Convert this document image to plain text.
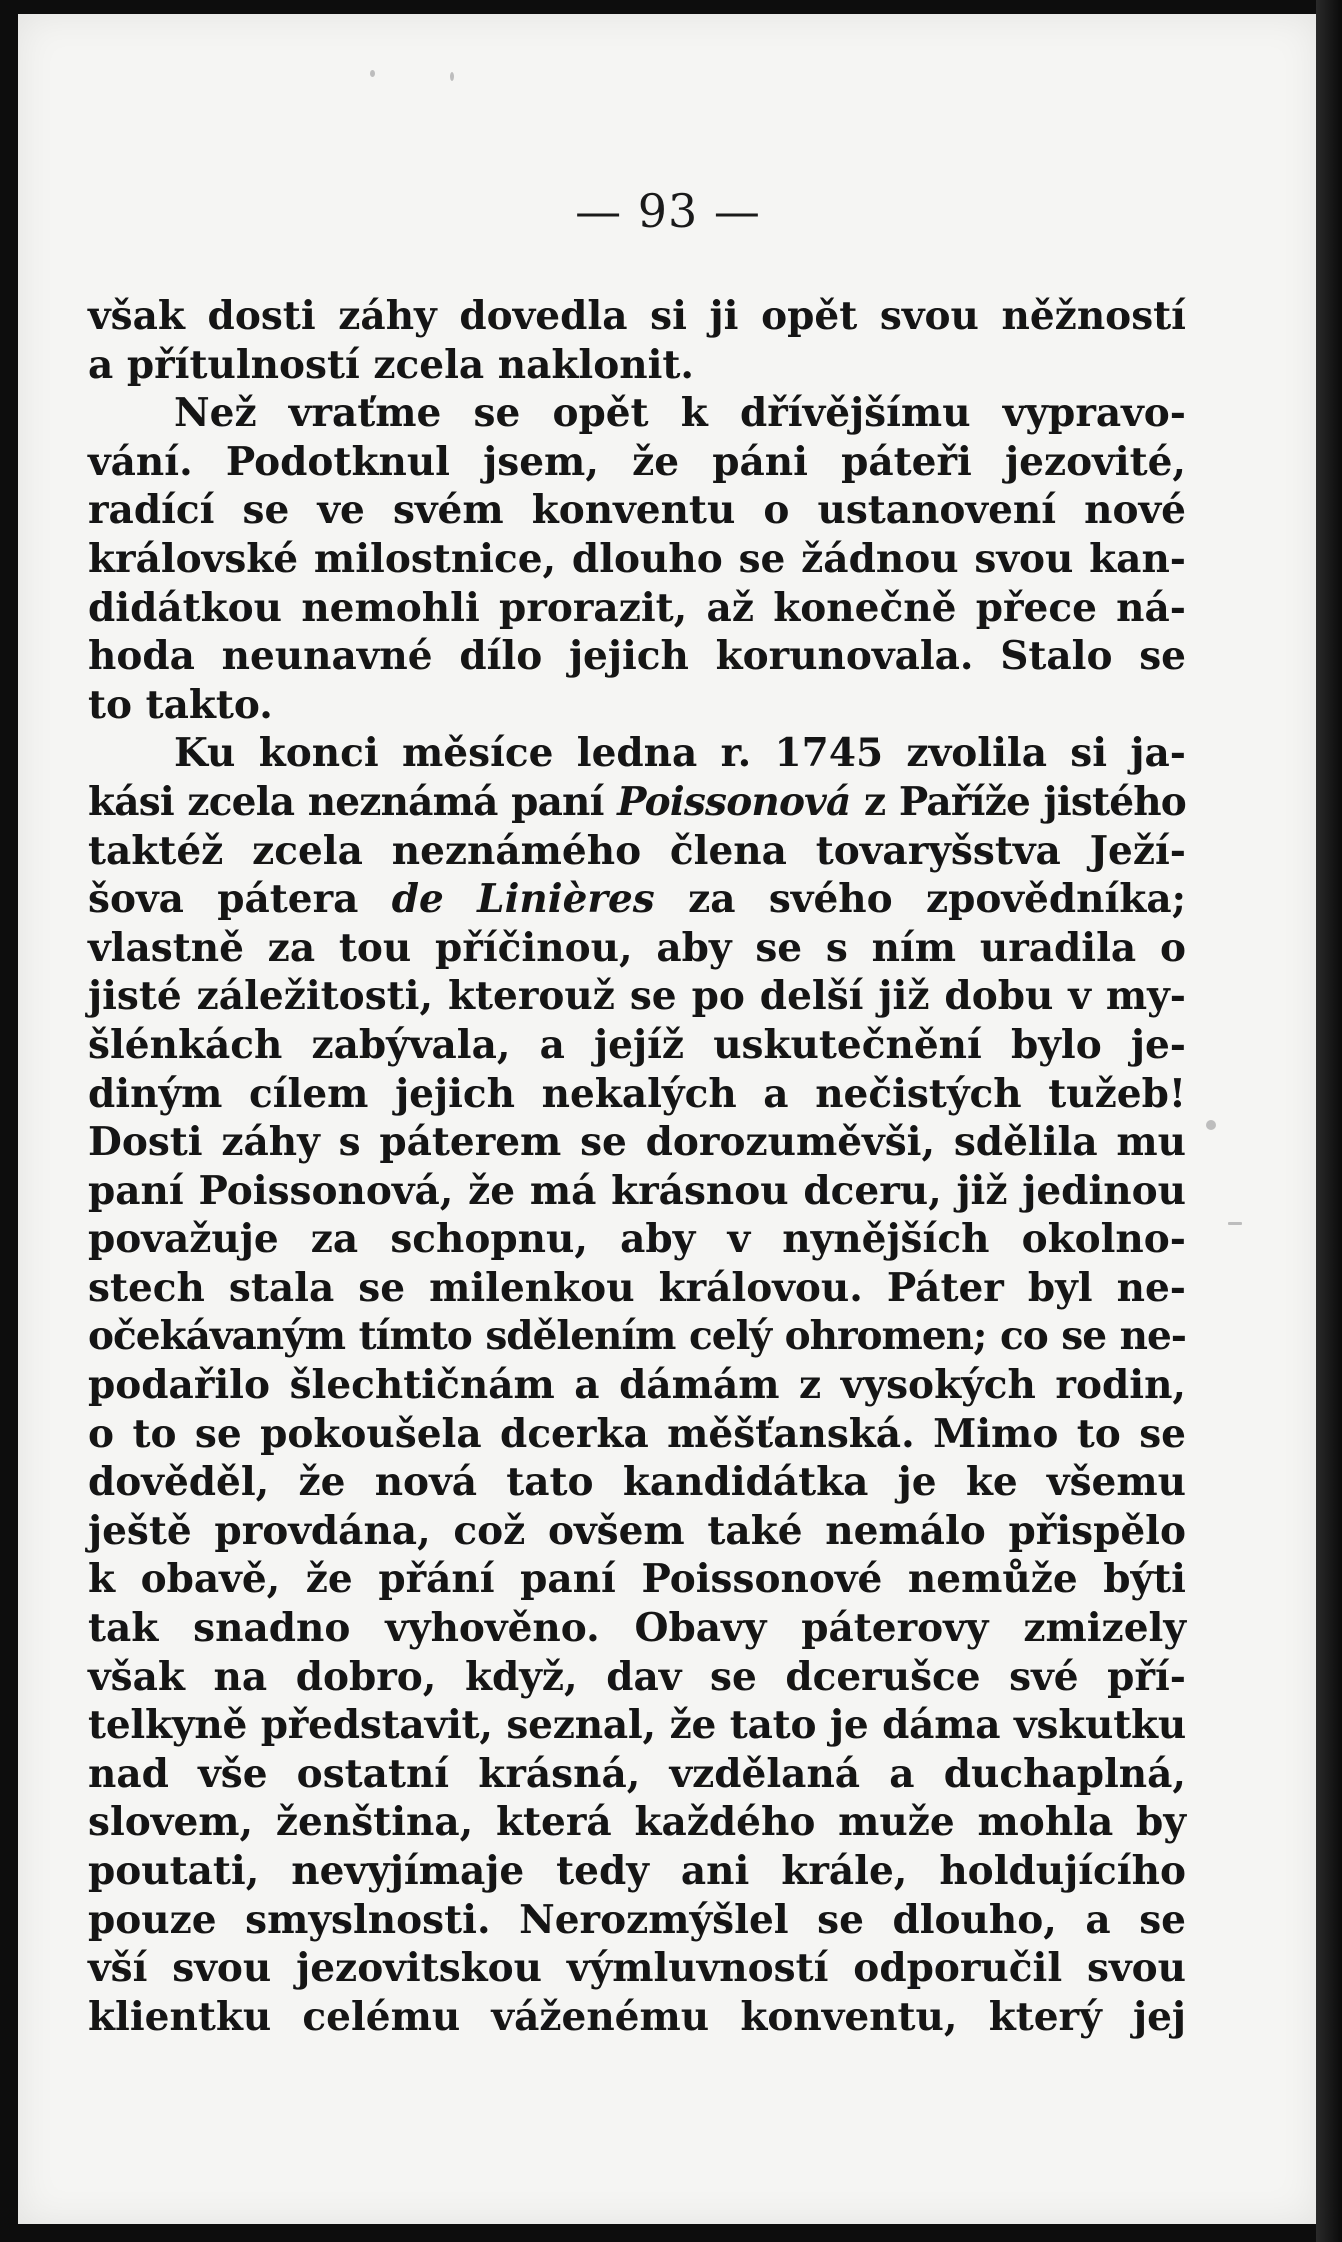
— 93 —
však dosti záhy dovedla si ji opět svou něžností
a přítulností zcela naklonit.
Než vraťme se opět k dřívějšímu vypravo-
vání. Podotknul jsem, že páni páteři jezovité,
radící se ve svém konventu o ustanovení nové
královské milostnice, dlouho se žádnou svou kan-
didátkou nemohli prorazit, až konečně přece ná-
hoda neunavné dílo jejich korunovala. Stalo se
to takto.
Ku konci měsíce ledna r. 1745 zvolila si ja-
kási zcela neznámá paní Poissonová z Paříže jistého
taktéž zcela neznámého člena tovaryšstva Ježí-
šova pátera de Linières za svého zpovědníka;
vlastně za tou příčinou, aby se s ním uradila o
jisté záležitosti, kterouž se po delší již dobu v my-
šlénkách zabývala, a jejíž uskutečnění bylo je-
diným cílem jejich nekalých a nečistých tužeb!
Dosti záhy s páterem se dorozuměvši, sdělila mu
paní Poissonová, že má krásnou dceru, již jedinou
považuje za schopnu, aby v nynějších okolno-
stech stala se milenkou královou. Páter byl ne-
očekávaným tímto sdělením celý ohromen; co se ne-
podařilo šlechtičnám a dámám z vysokých rodin,
o to se pokoušela dcerka měšťanská. Mimo to se
dověděl, že nová tato kandidátka je ke všemu
ještě provdána, což ovšem také nemálo přispělo
k obavě, že přání paní Poissonové nemůže býti
tak snadno vyhověno. Obavy páterovy zmizely
však na dobro, když, dav se dcerušce své pří-
telkyně představit, seznal, že tato je dáma vskutku
nad vše ostatní krásná, vzdělaná a duchaplná,
slovem, ženština, která každého muže mohla by
poutati, nevyjímaje tedy ani krále, holdujícího
pouze smyslnosti. Nerozmýšlel se dlouho, a se
vší svou jezovitskou výmluvností odporučil svou
klientku celému váženému konventu, který jej
